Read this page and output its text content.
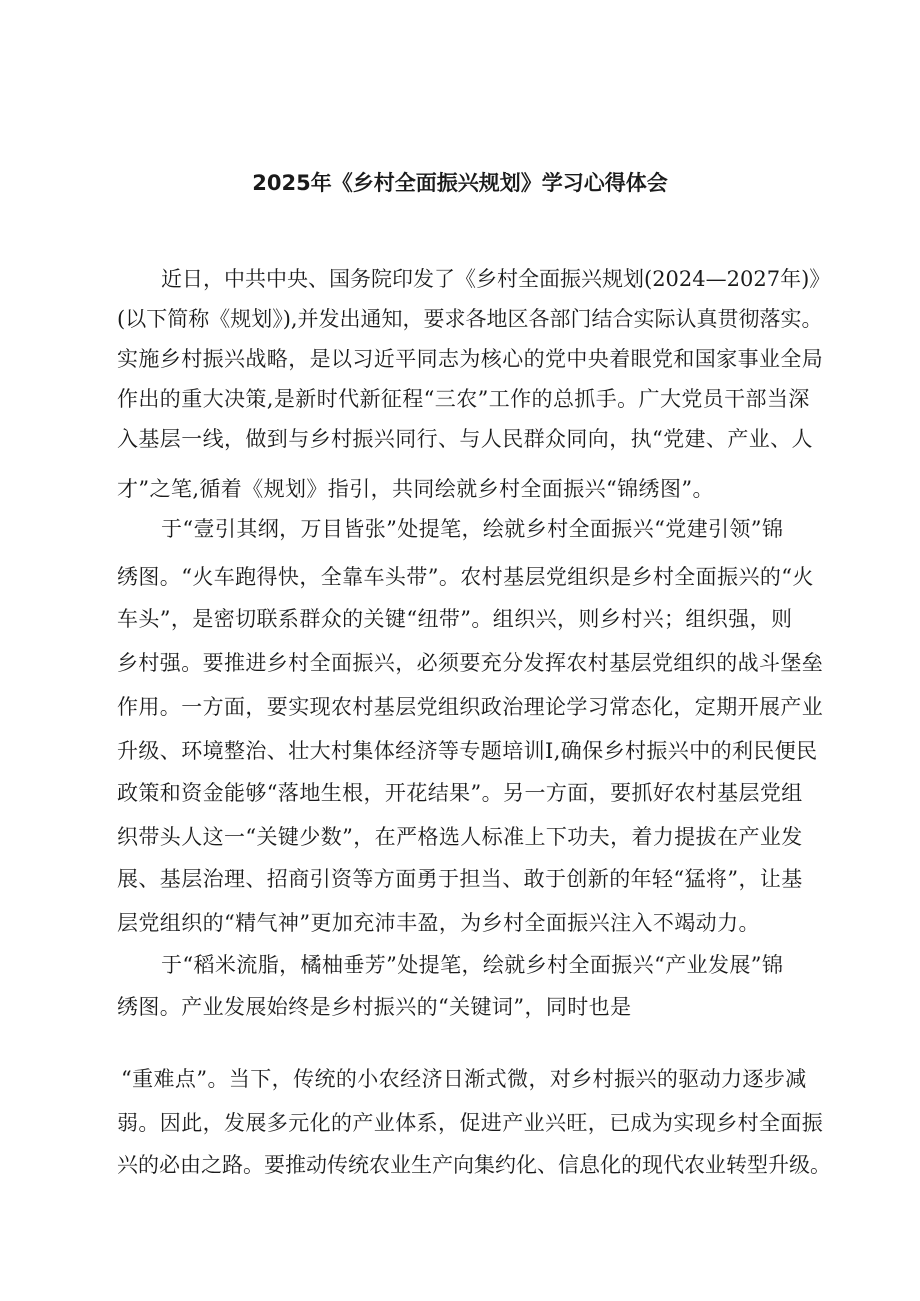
2025年《乡村全面振兴规划》学习心得体会
近日，中共中央、国务院印发了《乡村全面振兴规划(2024—2027年)》
(以下简称《规划》),并发出通知，要求各地区各部门结合实际认真贯彻落实。
实施乡村振兴战略，是以习近平同志为核心的党中央着眼党和国家事业全局
作出的重大决策,是新时代新征程“三农”工作的总抓手。广大党员干部当深
入基层一线，做到与乡村振兴同行、与人民群众同向，执“党建、产业、人
才”之笔,循着《规划》指引，共同绘就乡村全面振兴“锦绣图”。
于“壹引其纲，万目皆张”处提笔，绘就乡村全面振兴“党建引领”锦
绣图。“火车跑得快，全靠车头带”。农村基层党组织是乡村全面振兴的“火
车头”，是密切联系群众的关键“纽带”。组织兴，则乡村兴；组织强，则
乡村强。要推进乡村全面振兴，必须要充分发挥农村基层党组织的战斗堡垒
作用。一方面，要实现农村基层党组织政治理论学习常态化，定期开展产业
升级、环境整治、壮大村集体经济等专题培训I,确保乡村振兴中的利民便民
政策和资金能够“落地生根，开花结果”。另一方面，要抓好农村基层党组
织带头人这一“关键少数”，在严格选人标准上下功夫，着力提拔在产业发
展、基层治理、招商引资等方面勇于担当、敢于创新的年轻“猛将”，让基
层党组织的“精气神”更加充沛丰盈，为乡村全面振兴注入不竭动力。
于“稻米流脂，橘柚垂芳”处提笔，绘就乡村全面振兴“产业发展”锦
绣图。产业发展始终是乡村振兴的“关键词”，同时也是
“重难点”。当下，传统的小农经济日渐式微，对乡村振兴的驱动力逐步减
弱。因此，发展多元化的产业体系，促进产业兴旺，已成为实现乡村全面振
兴的必由之路。要推动传统农业生产向集约化、信息化的现代农业转型升级。
